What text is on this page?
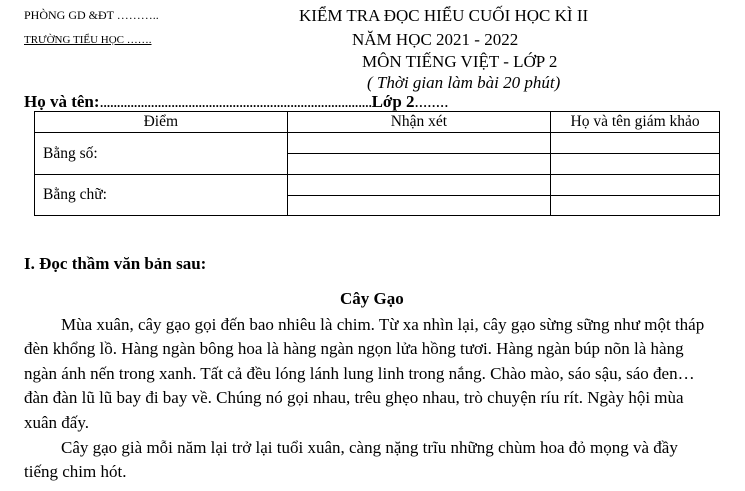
PHÒNG GD &ĐT ………..
TRƯỜNG TIỂU HỌC …….
KIỂM TRA ĐỌC HIỂU CUỐI HỌC KÌ II
NĂM HỌC 2021 - 2022
MÔN TIẾNG VIỆT - LỚP 2
( Thời gian làm bài 20 phút)
Họ và tên:................................................................................Lớp 2........
Điểm	Nhận xét	Họ và tên giám khảo
Bằng số:		

Bằng chữ:		

I. Đọc thầm văn bản sau:
Cây Gạo
Mùa xuân, cây gạo gọi đến bao nhiêu là chim. Từ xa nhìn lại, cây gạo sừng sững như một tháp đèn khổng lồ. Hàng ngàn bông hoa là hàng ngàn ngọn lửa hồng tươi. Hàng ngàn búp nõn là hàng ngàn ánh nến trong xanh. Tất cả đều lóng lánh lung linh trong nắng. Chào mào, sáo sậu, sáo đen…đàn đàn lũ lũ bay đi bay về. Chúng nó gọi nhau, trêu ghẹo nhau, trò chuyện ríu rít. Ngày hội mùa xuân đấy.
Cây gạo già mỗi năm lại trở lại tuổi xuân, càng nặng trĩu những chùm hoa đỏ mọng và đầy tiếng chim hót.
